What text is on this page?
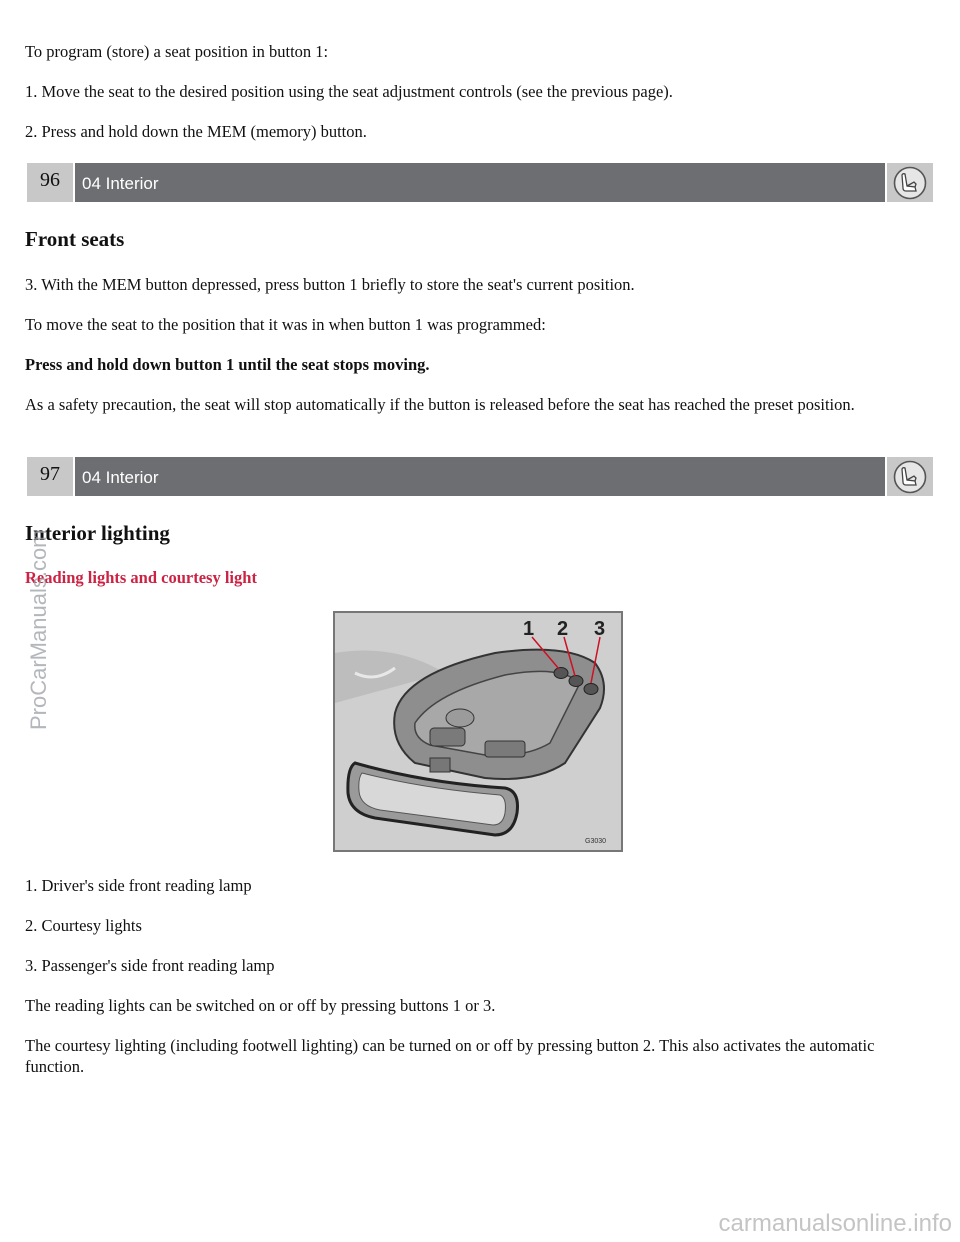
To program (store) a seat position in button 1:

1. Move the seat to the desired position using the seat adjustment controls (see the previous page).

2. Press and hold down the MEM (memory) button.

96	04 Interior
Front seats

3. With the MEM button depressed, press button 1 briefly to store the seat's current position.

To move the seat to the position that it was in when button 1 was programmed:

Press and hold down button 1 until the seat stops moving.

As a safety precaution, the seat will stop automatically if the button is released before the seat has reached the preset position.

97	04 Interior
Interior lighting
Reading lights and courtesy light
1 2 3
G3030

1. Driver's side front reading lamp

2. Courtesy lights

3. Passenger's side front reading lamp

The reading lights can be switched on or off by pressing buttons 1 or 3.

The courtesy lighting (including footwell lighting) can be turned on or off by pressing button 2. This also activates the automatic function.

ProCarManuals.com
carmanualsonline.info
